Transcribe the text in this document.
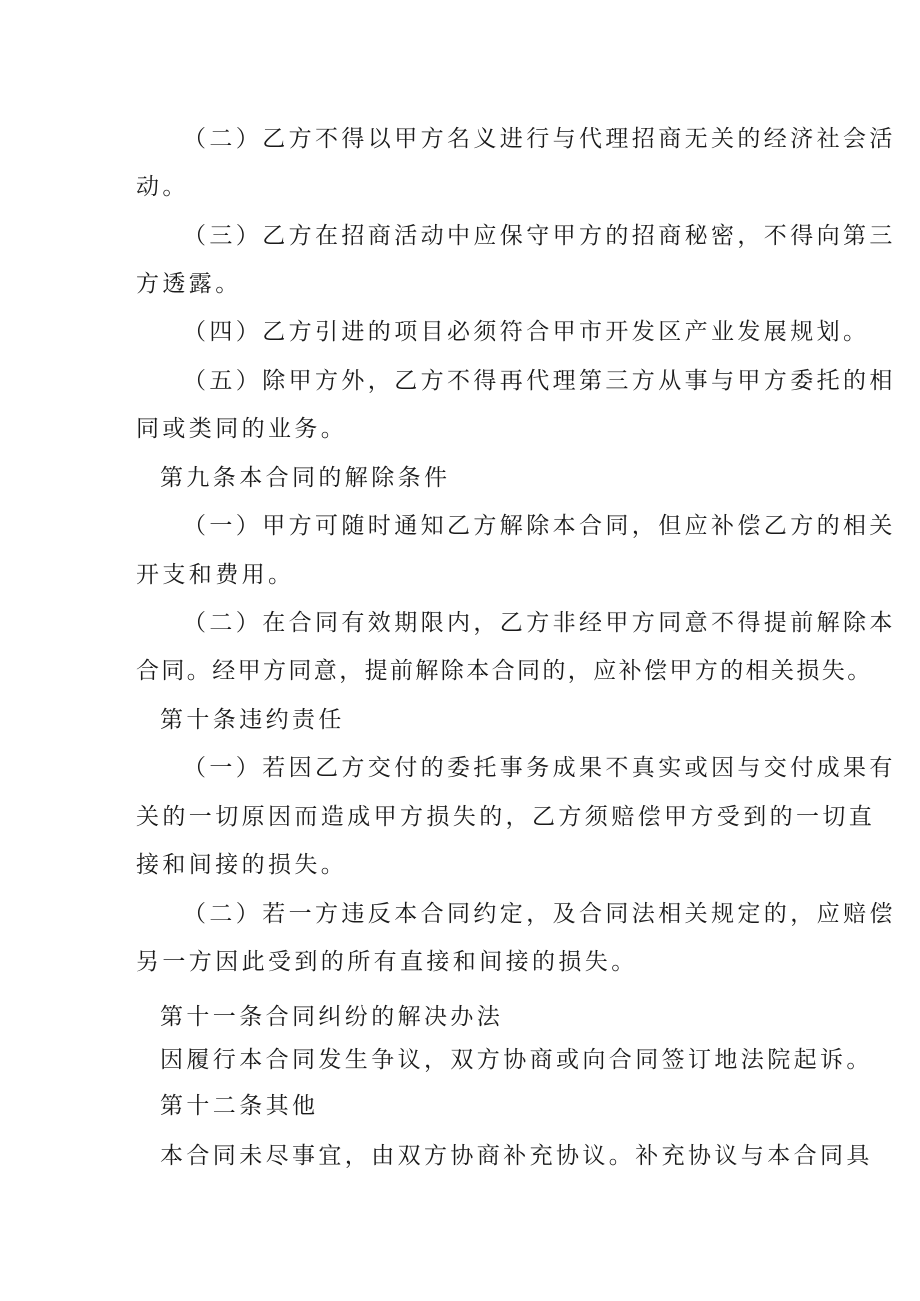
（二）乙方不得以甲方名义进行与代理招商无关的经济社会活
动。
（三）乙方在招商活动中应保守甲方的招商秘密，不得向第三
方透露。
（四）乙方引进的项目必须符合甲市开发区产业发展规划。
（五）除甲方外，乙方不得再代理第三方从事与甲方委托的相
同或类同的业务。
第九条本合同的解除条件
（一）甲方可随时通知乙方解除本合同，但应补偿乙方的相关
开支和费用。
（二）在合同有效期限内，乙方非经甲方同意不得提前解除本
合同。经甲方同意，提前解除本合同的，应补偿甲方的相关损失。
第十条违约责任
（一）若因乙方交付的委托事务成果不真实或因与交付成果有
关的一切原因而造成甲方损失的，乙方须赔偿甲方受到的一切直
接和间接的损失。
（二）若一方违反本合同约定，及合同法相关规定的，应赔偿
另一方因此受到的所有直接和间接的损失。
第十一条合同纠纷的解决办法
因履行本合同发生争议，双方协商或向合同签订地法院起诉。
第十二条其他
本合同未尽事宜，由双方协商补充协议。补充协议与本合同具
